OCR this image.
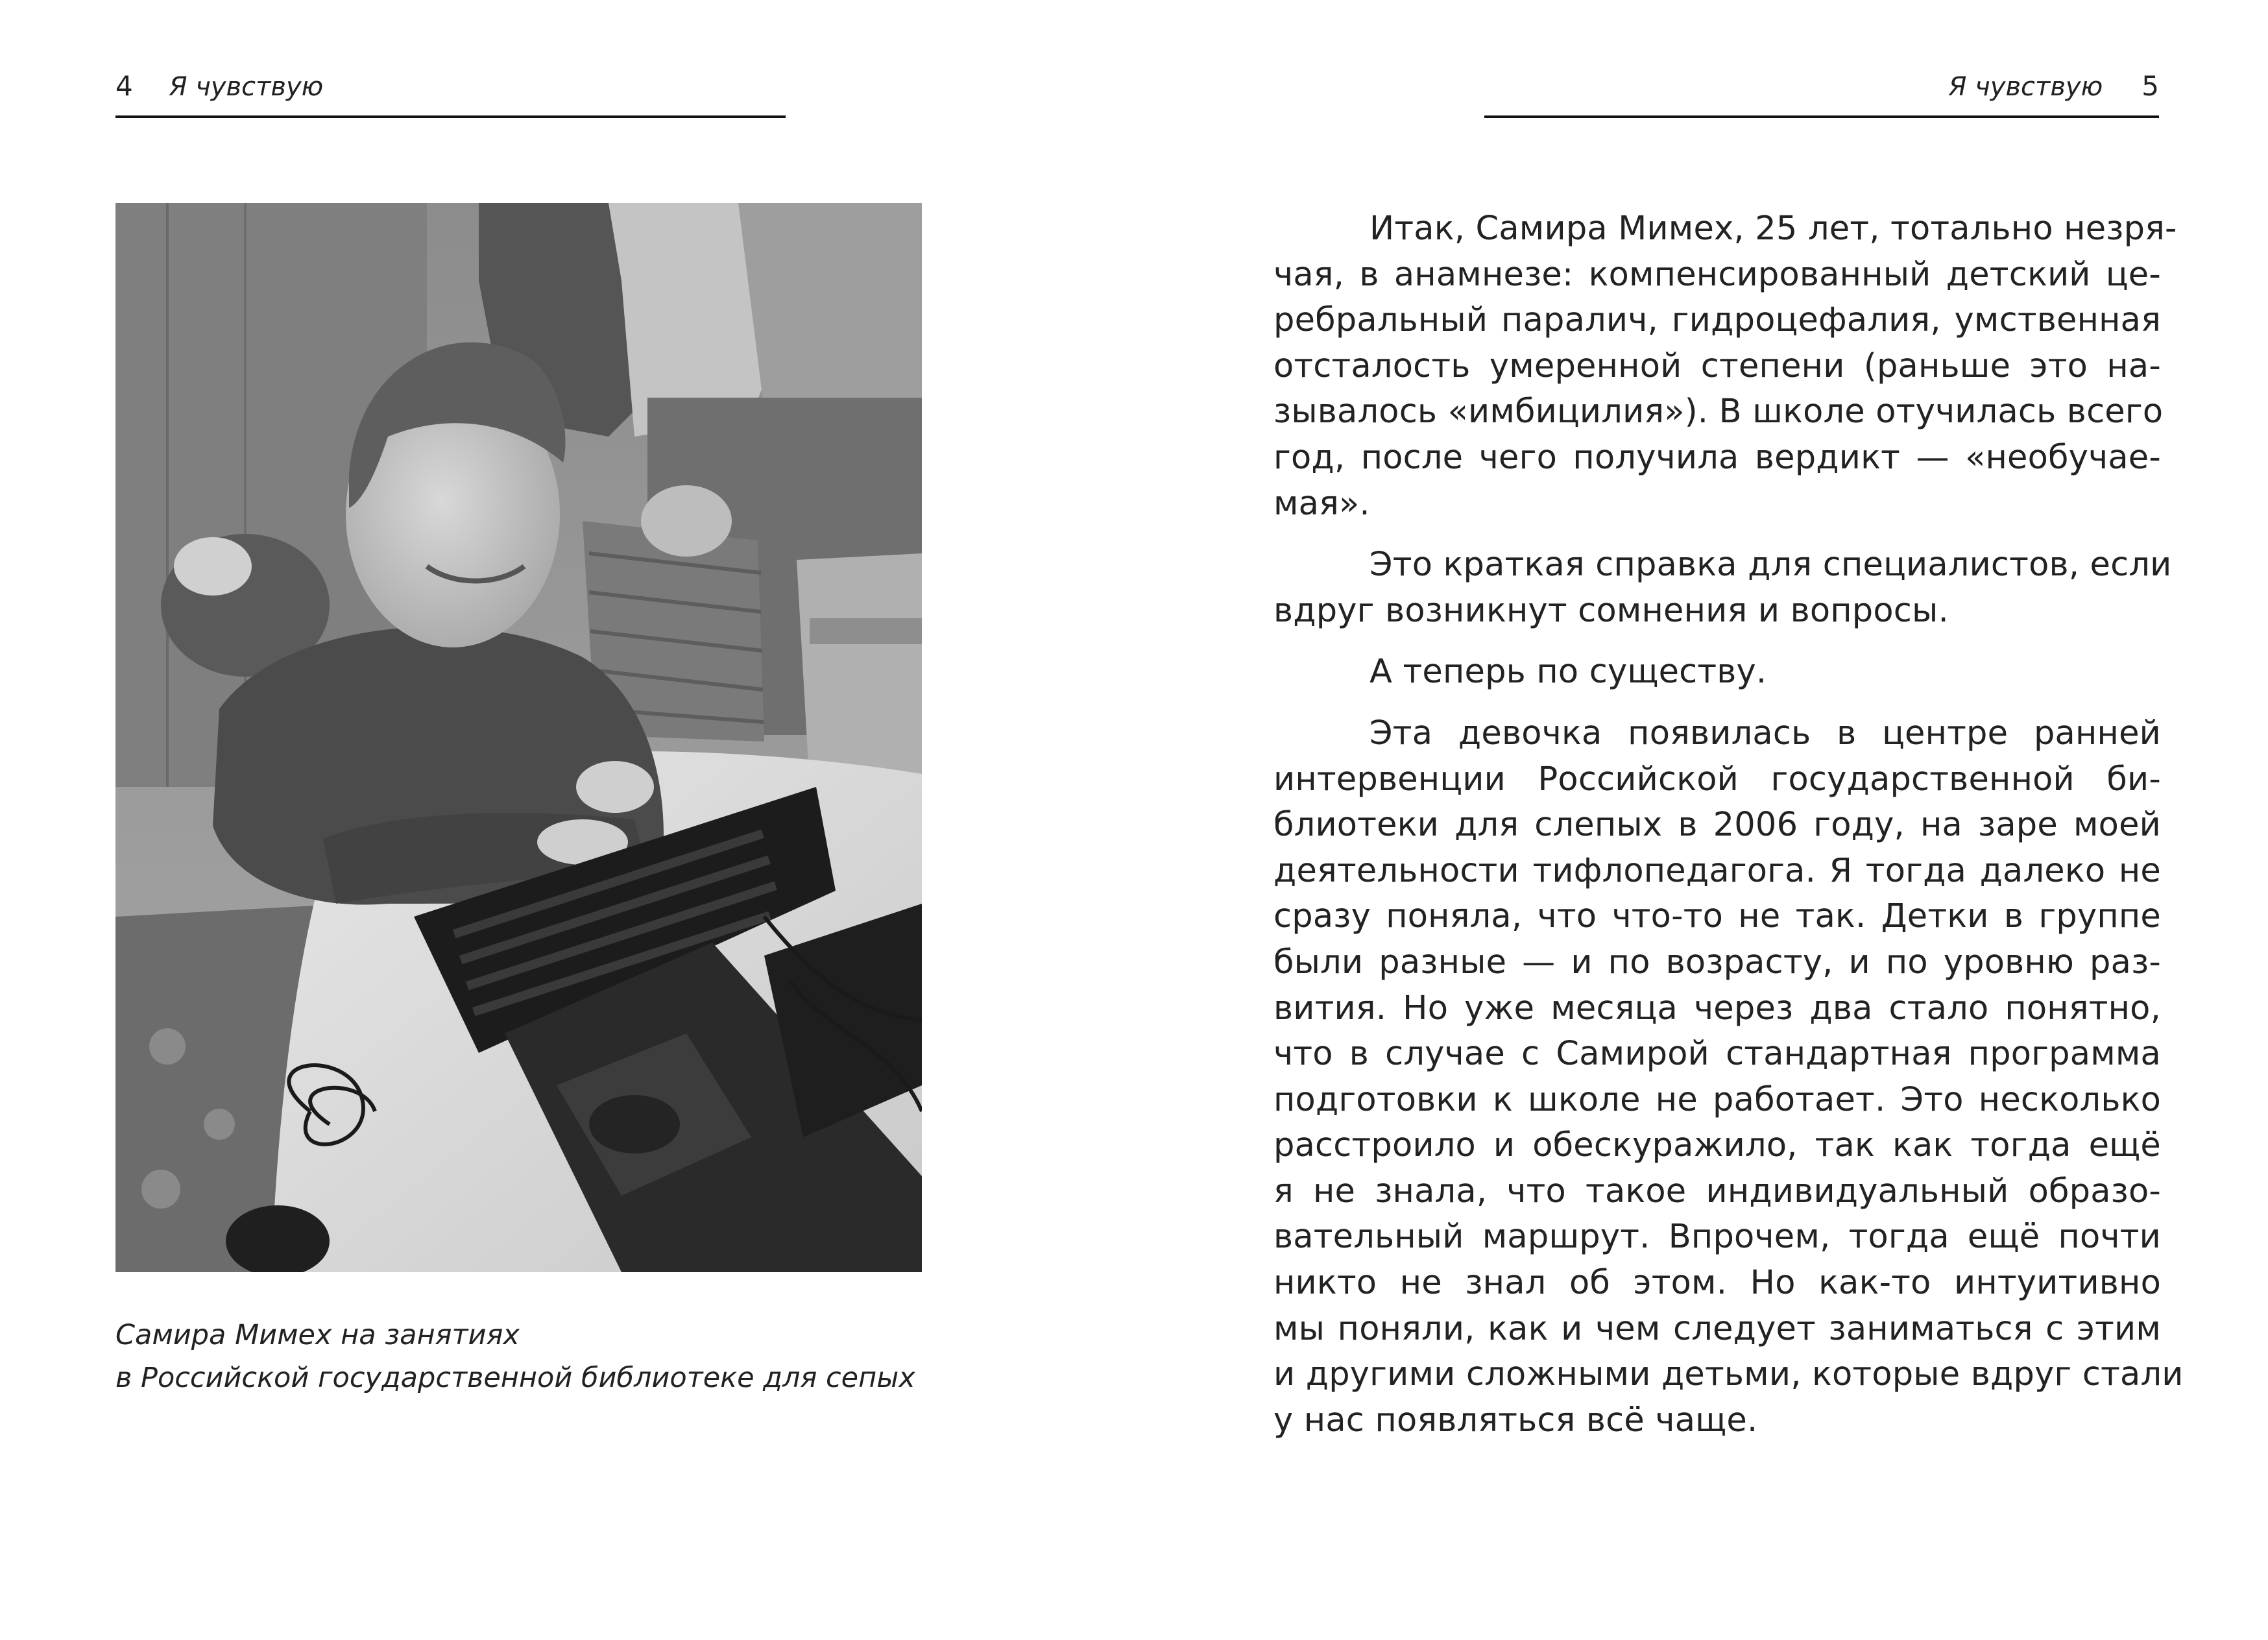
4 Я чувствую
Самира Мимех на занятиях
в Российской государственной библиотеке для сепых
Я чувствую 5

Итак, Самира Мимех, 25 лет, тотально незря-
чая, в анамнезе: компенсированный детский це-
ребральный паралич, гидроцефалия, умственная
отсталость умеренной степени (раньше это на-
зывалось «имбицилия»). В школе отучилась всего
год, после чего получила вердикт — «необучае-
мая».

Это краткая справка для специалистов, если
вдруг возникнут сомнения и вопросы.

А теперь по существу.

Эта девочка появилась в центре ранней
интервенции Российской государственной би-
блиотеки для слепых в 2006 году, на заре моей
деятельности тифлопедагога. Я тогда далеко не
сразу поняла, что что-то не так. Детки в группе
были разные — и по возрасту, и по уровню раз-
вития. Но уже месяца через два стало понятно,
что в случае с Самирой стандартная программа
подготовки к школе не работает. Это несколько
расстроило и обескуражило, так как тогда ещё
я не знала, что такое индивидуальный образо-
вательный маршрут. Впрочем, тогда ещё почти
никто не знал об этом. Но как-то интуитивно
мы поняли, как и чем следует заниматься с этим
и другими сложными детьми, которые вдруг стали
у нас появляться всё чаще.
